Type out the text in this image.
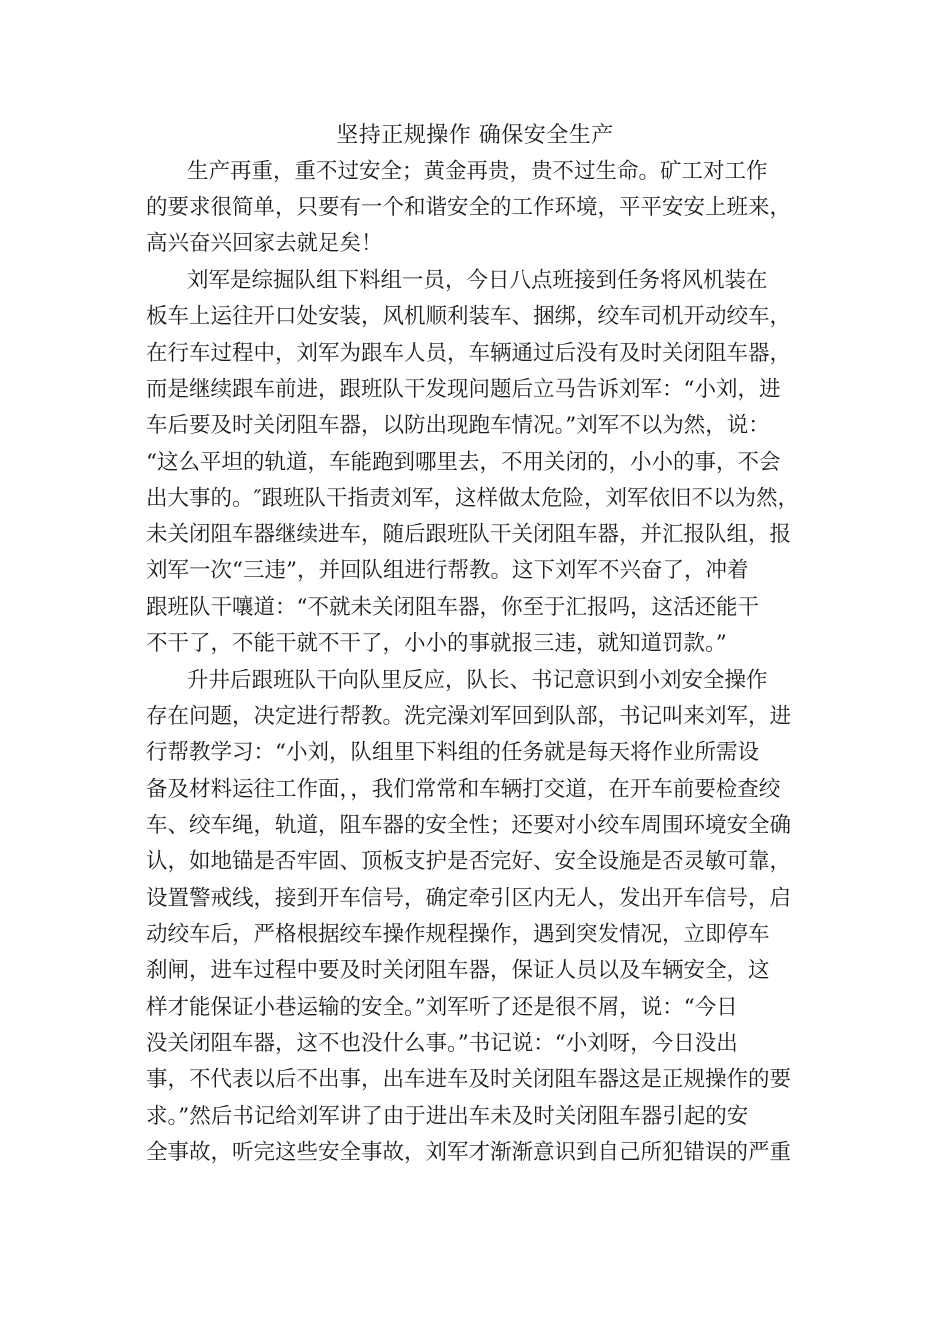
坚持正规操作 确保安全生产
生产再重，重不过安全；黄金再贵，贵不过生命。矿工对工作
的要求很简单，只要有一个和谐安全的工作环境，平平安安上班来，
高兴奋兴回家去就足矣！
刘军是综掘队组下料组一员，今日八点班接到任务将风机装在
板车上运往开口处安装，风机顺利装车、捆绑，绞车司机开动绞车，
在行车过程中，刘军为跟车人员，车辆通过后没有及时关闭阻车器，
而是继续跟车前进，跟班队干发现问题后立马告诉刘军：“小刘，进
车后要及时关闭阻车器，以防出现跑车情况。”刘军不以为然，说：
“这么平坦的轨道，车能跑到哪里去，不用关闭的，小小的事，不会
出大事的。″跟班队干指责刘军，这样做太危险，刘军依旧不以为然，
未关闭阻车器继续进车，随后跟班队干关闭阻车器，并汇报队组，报
刘军一次“三违”，并回队组进行帮教。这下刘军不兴奋了，冲着
跟班队干嚷道：“不就未关闭阻车器，你至于汇报吗，这活还能干
不干了，不能干就不干了，小小的事就报三违，就知道罚款。”
升井后跟班队干向队里反应，队长、书记意识到小刘安全操作
存在问题，决定进行帮教。洗完澡刘军回到队部，书记叫来刘军，进
行帮教学习：“小刘，队组里下料组的任务就是每天将作业所需设
备及材料运往工作面，，我们常常和车辆打交道，在开车前要检查绞
车、绞车绳，轨道，阻车器的安全性；还要对小绞车周围环境安全确
认，如地锚是否牢固、顶板支护是否完好、安全设施是否灵敏可靠，
设置警戒线，接到开车信号，确定牵引区内无人，发出开车信号，启
动绞车后，严格根据绞车操作规程操作，遇到突发情况，立即停车
刹闸，进车过程中要及时关闭阻车器，保证人员以及车辆安全，这
样才能保证小巷运输的安全。”刘军听了还是很不屑，说：“今日
没关闭阻车器，这不也没什么事。”书记说：“小刘呀，今日没出
事，不代表以后不出事，出车进车及时关闭阻车器这是正规操作的要
求。”然后书记给刘军讲了由于进出车未及时关闭阻车器引起的安
全事故，听完这些安全事故，刘军才渐渐意识到自己所犯错误的严重
